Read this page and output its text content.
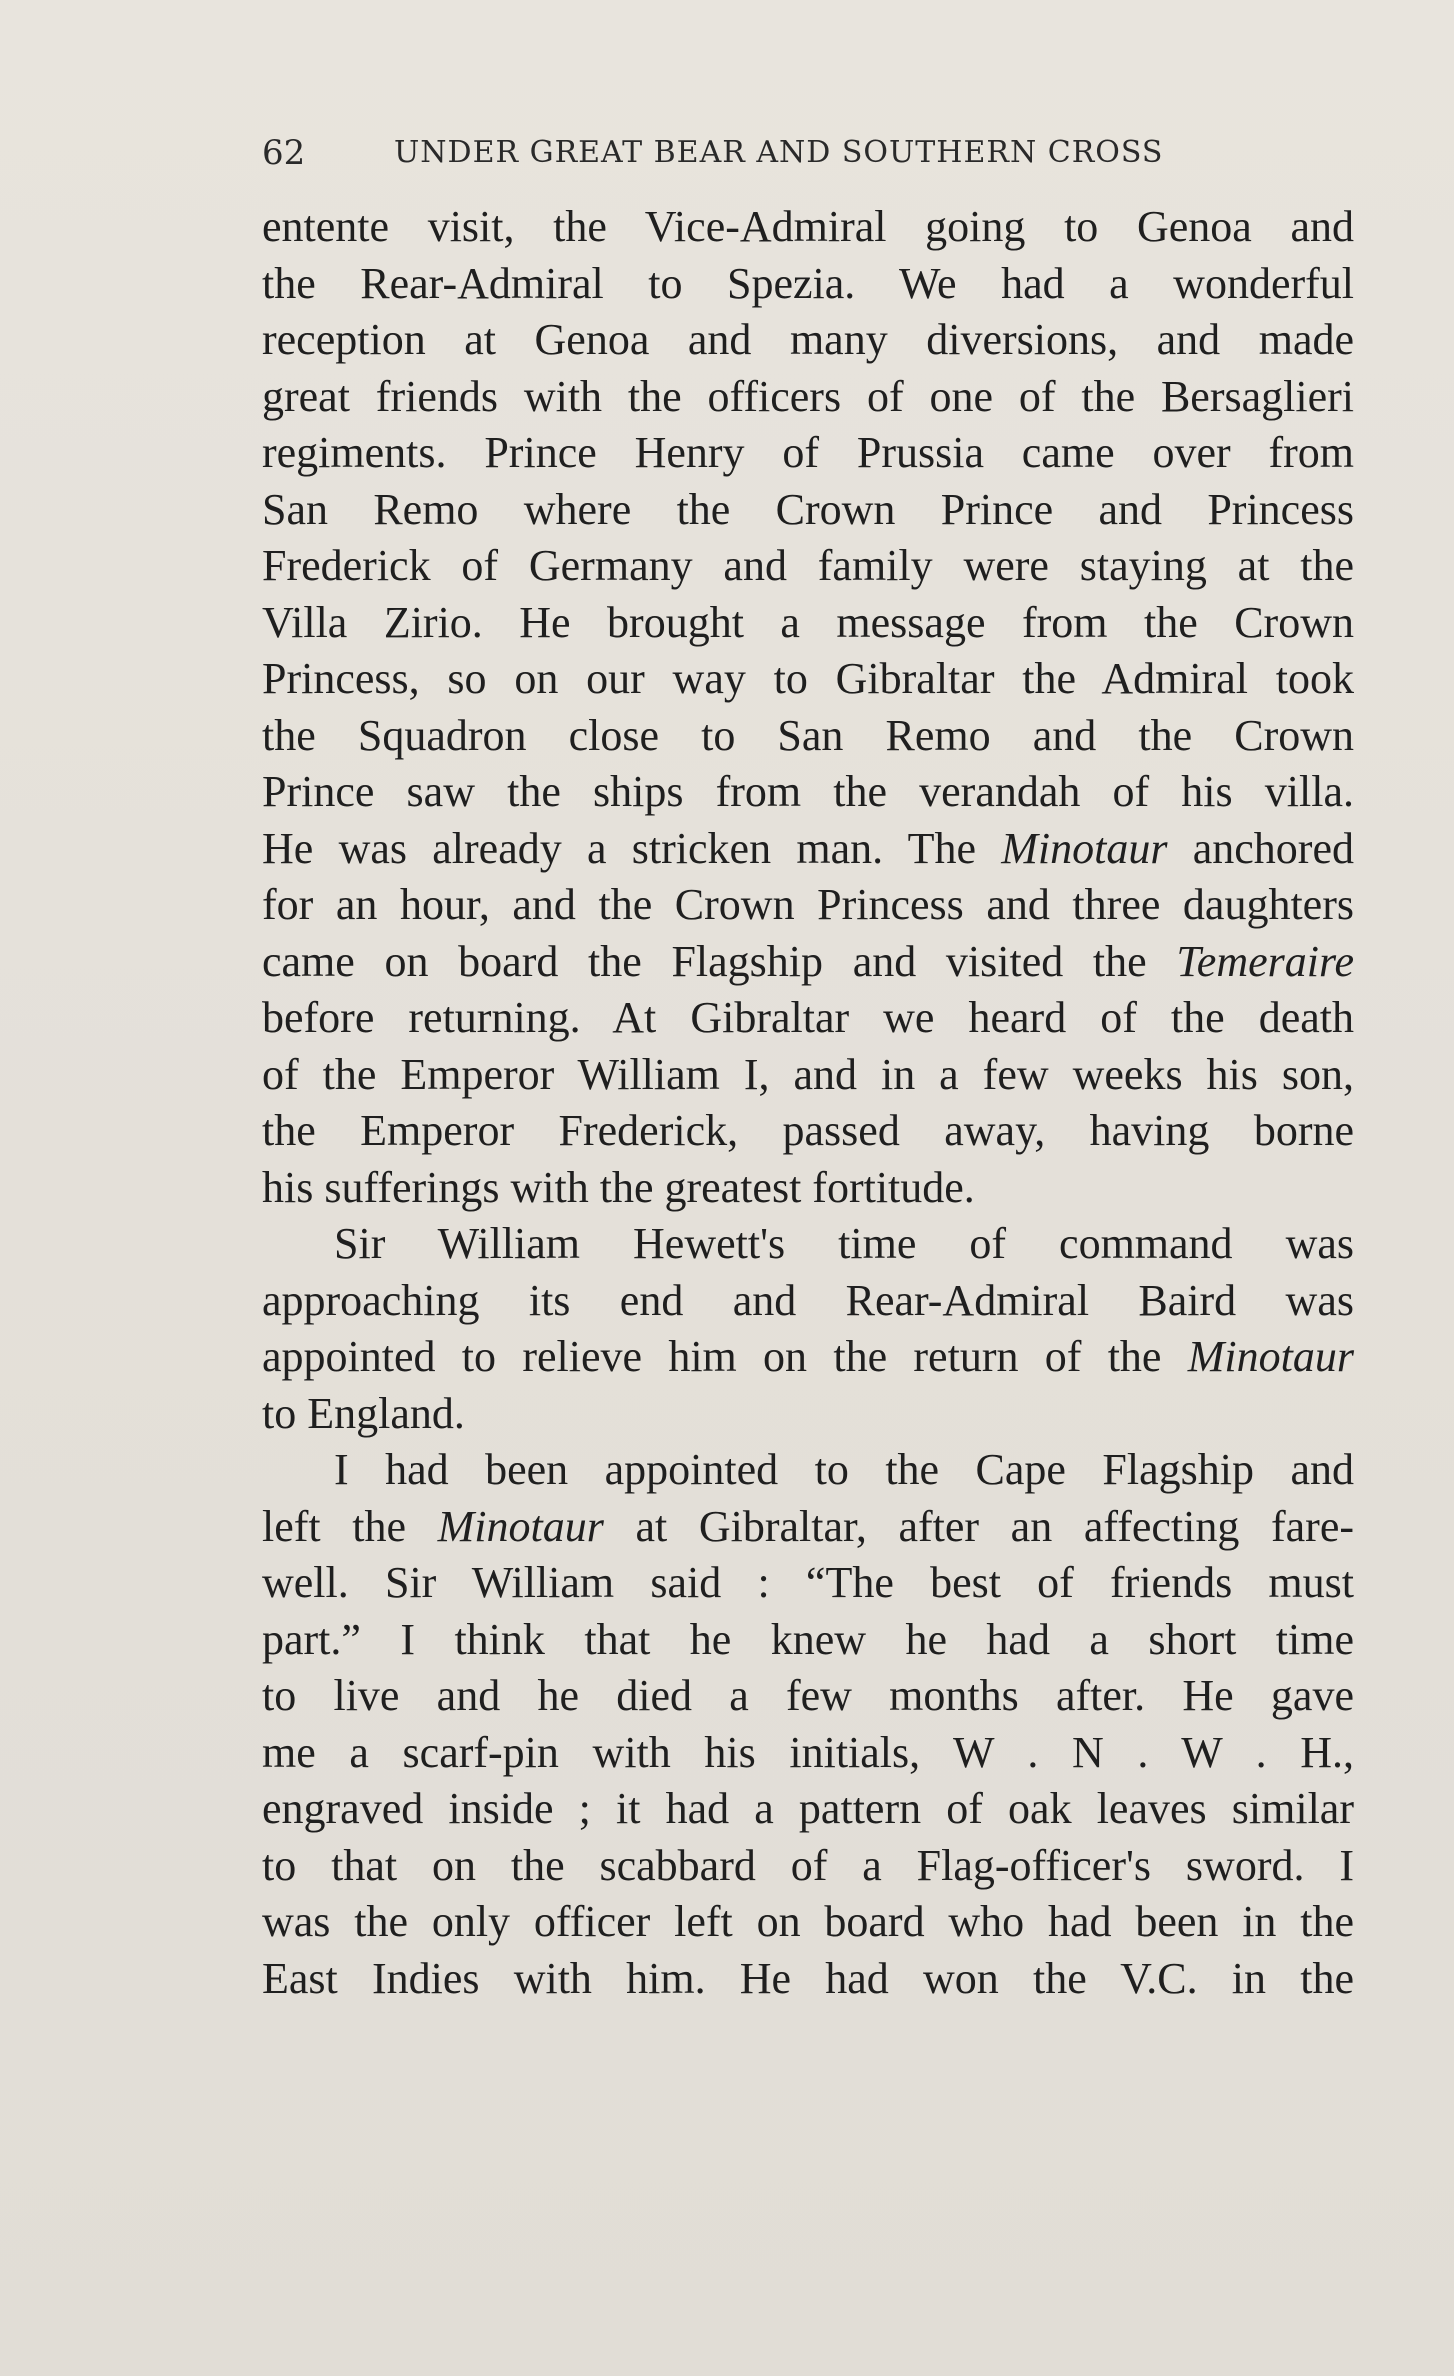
62	UNDER GREAT BEAR AND SOUTHERN CROSS
entente visit, the Vice-Admiral going to Genoa and
the Rear-Admiral to Spezia. We had a wonderful
reception at Genoa and many diversions, and made
great friends with the officers of one of the Bersaglieri
regiments. Prince Henry of Prussia came over from
San Remo where the Crown Prince and Princess
Frederick of Germany and family were staying at the
Villa Zirio. He brought a message from the Crown
Princess, so on our way to Gibraltar the Admiral took
the Squadron close to San Remo and the Crown
Prince saw the ships from the verandah of his villa.
He was already a stricken man. The Minotaur anchored
for an hour, and the Crown Princess and three daughters
came on board the Flagship and visited the Temeraire
before returning. At Gibraltar we heard of the death
of the Emperor William I, and in a few weeks his son,
the Emperor Frederick, passed away, having borne
his sufferings with the greatest fortitude.
Sir William Hewett's time of command was
approaching its end and Rear-Admiral Baird was
appointed to relieve him on the return of the Minotaur
to England.
I had been appointed to the Cape Flagship and
left the Minotaur at Gibraltar, after an affecting fare-
well. Sir William said : “The best of friends must
part.” I think that he knew he had a short time
to live and he died a few months after. He gave
me a scarf-pin with his initials, W . N . W . H.,
engraved inside ; it had a pattern of oak leaves similar
to that on the scabbard of a Flag-officer's sword. I
was the only officer left on board who had been in the
East Indies with him. He had won the V.C. in the
